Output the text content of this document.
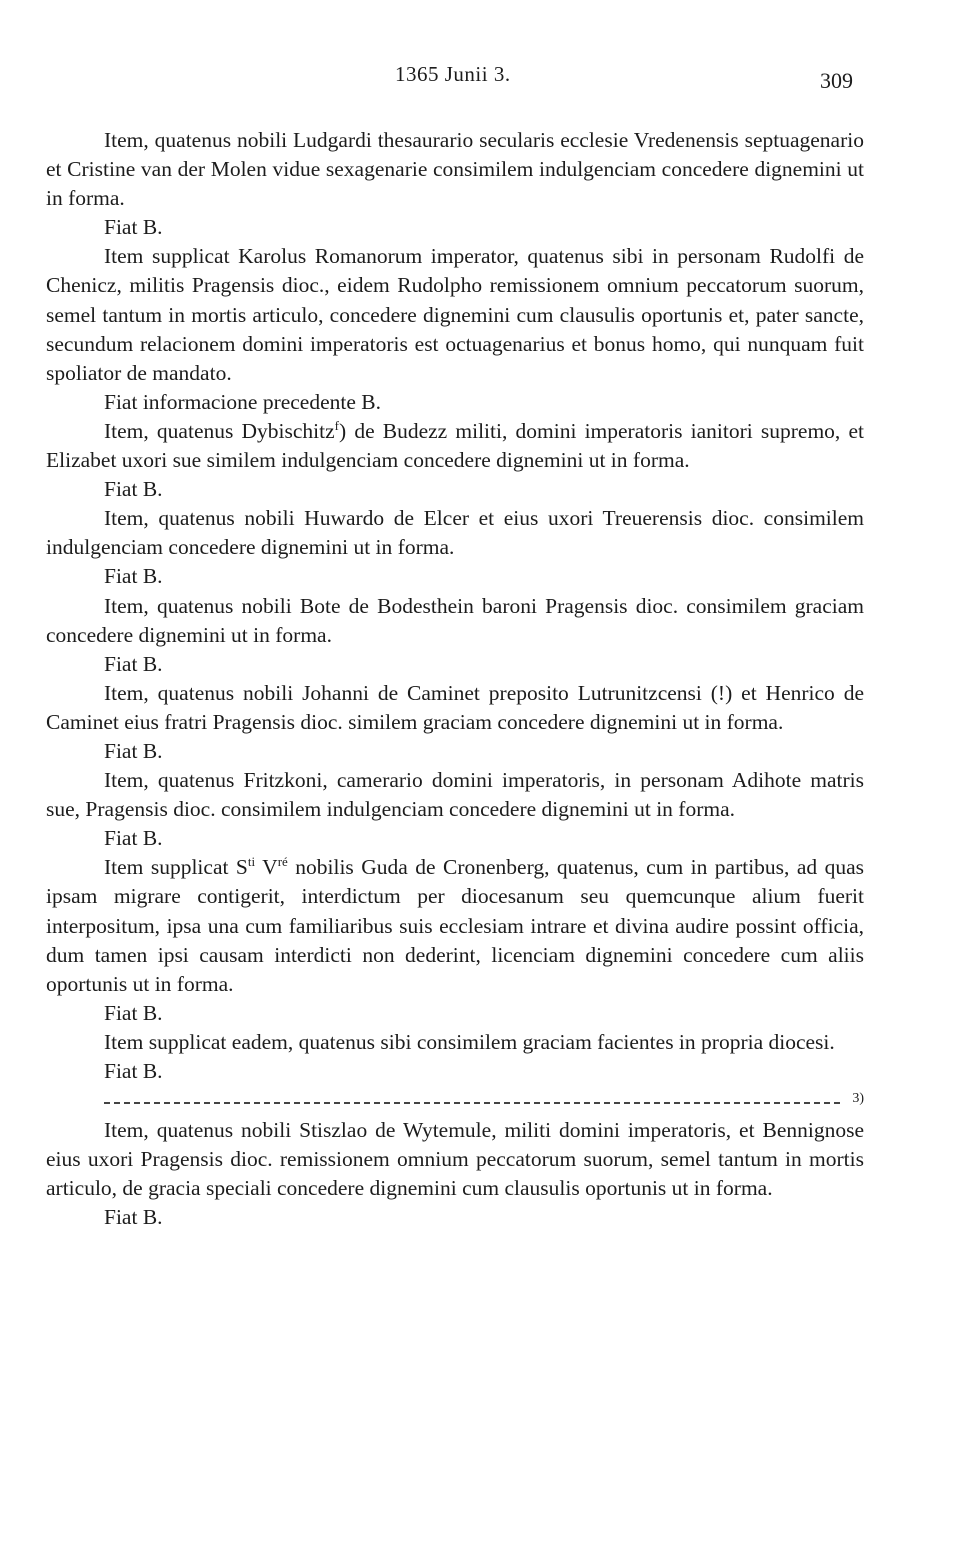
1365 Junii 3.	309

Item, quatenus nobili Ludgardi thesaurario secularis ecclesie Vredenensis septuagenario et Cristine van der Molen vidue sexagenarie consimilem indulgenciam concedere dignemini ut in forma.

Fiat B.

Item supplicat Karolus Romanorum imperator, quatenus sibi in personam Rudolfi de Chenicz, militis Pragensis dioc., eidem Rudolpho remissionem omnium peccatorum suorum, semel tantum in mortis articulo, concedere dignemini cum clausulis oportunis et, pater sancte, secundum relacionem domini imperatoris est octuagenarius et bonus homo, qui nunquam fuit spoliator de mandato.

Fiat informacione precedente B.

Item, quatenus Dybischitz$^f$) de Budezz militi, domini imperatoris ianitori supremo, et Elizabet uxori sue similem indulgenciam concedere dignemini ut in forma.

Fiat B.

Item, quatenus nobili Huwardo de Elcer et eius uxori Treuerensis dioc. consimilem indulgenciam concedere dignemini ut in forma.

Fiat B.

Item, quatenus nobili Bote de Bodesthein baroni Pragensis dioc. consimilem graciam concedere dignemini ut in forma.

Fiat B.

Item, quatenus nobili Johanni de Caminet preposito Lutrunitzcensi (!) et Henrico de Caminet eius fratri Pragensis dioc. similem graciam concedere dignemini ut in forma.

Fiat B.

Item, quatenus Fritzkoni, camerario domini imperatoris, in personam Adihote matris sue, Pragensis dioc. consimilem indulgenciam concedere dignemini ut in forma.

Fiat B.

Item supplicat $S^{ti}$ $V^{ré}$ nobilis Guda de Cronenberg, quatenus, cum in partibus, ad quas ipsam migrare contigerit, interdictum per diocesanum seu quemcunque alium fuerit interpositum, ipsa una cum familiaribus suis ecclesiam intrare et divina audire possint officia, dum tamen ipsi causam interdicti non dederint, licenciam dignemini concedere cum aliis oportunis ut in forma.

Fiat B.

Item supplicat eadem, quatenus sibi consimilem graciam facientes in propria diocesi.

Fiat B.

3)

Item, quatenus nobili Stiszlao de Wytemule, militi domini imperatoris, et Bennignose eius uxori Pragensis dioc. remissionem omnium peccatorum suorum, semel tantum in mortis articulo, de gracia speciali concedere dignemini cum clausulis oportunis ut in forma.

Fiat B.
